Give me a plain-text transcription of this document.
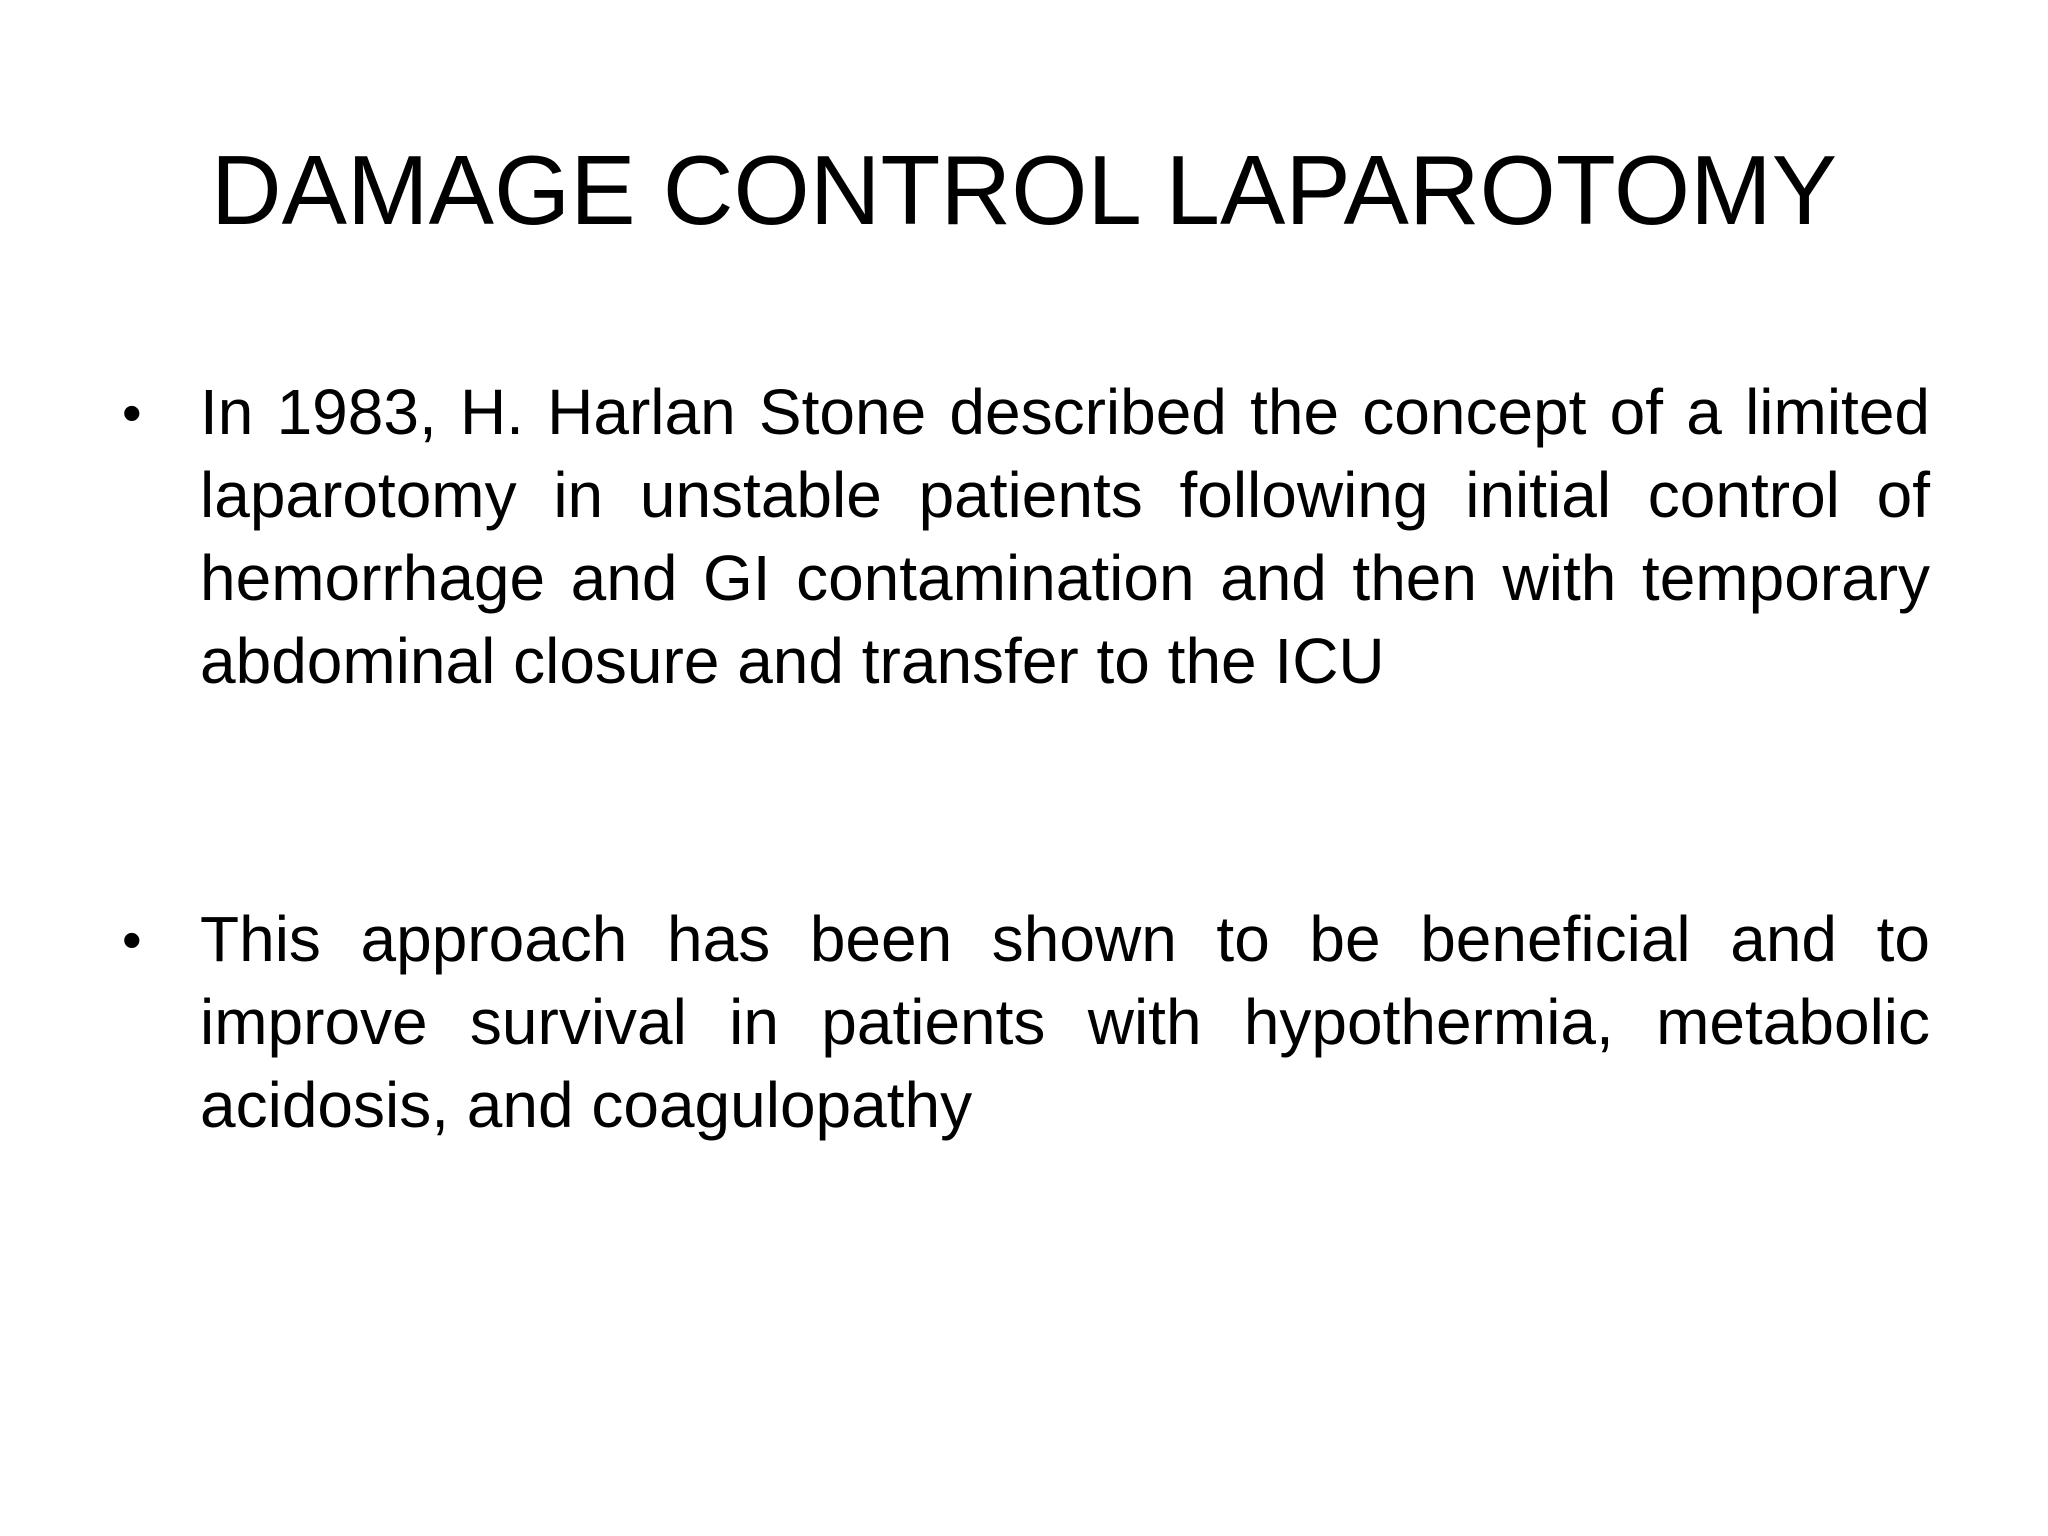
DAMAGE CONTROL LAPAROTOMY
• In 1983, H. Harlan Stone described the concept of a limited laparotomy in unstable patients following initial control of hemorrhage and GI contamination and then with temporary abdominal closure and transfer to the ICU
• This approach has been shown to be beneficial and to improve survival in patients with hypothermia, metabolic acidosis, and coagulopathy
